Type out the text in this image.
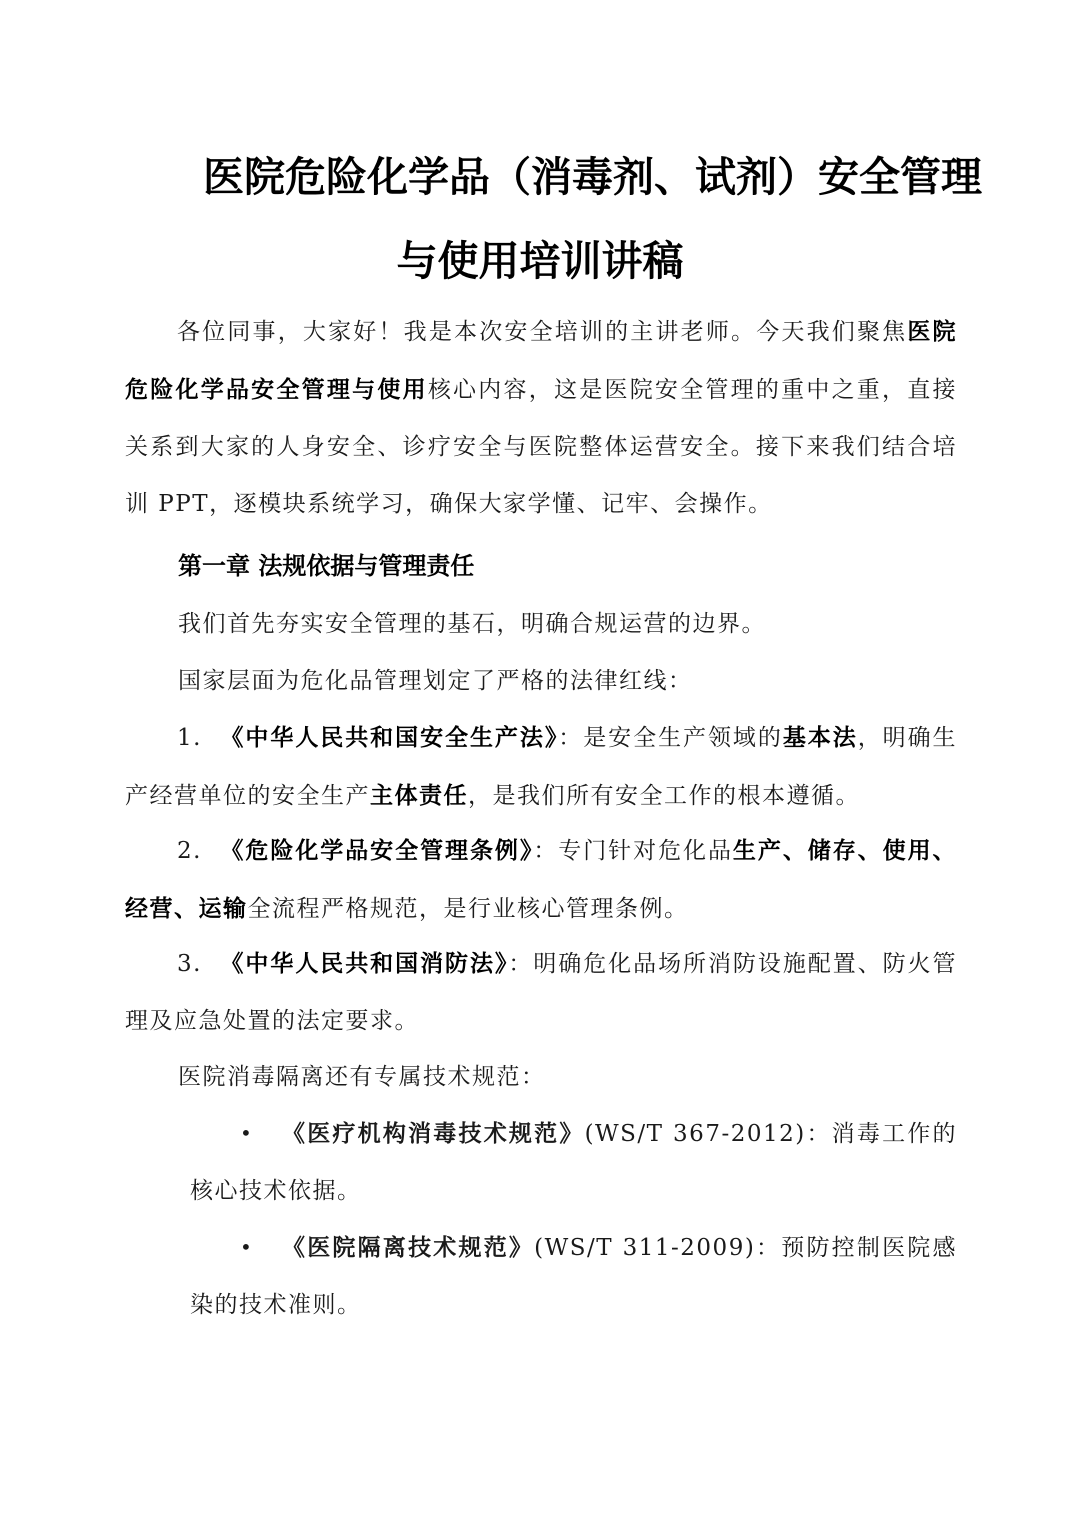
医院危险化学品（消毒剂、试剂）安全管理
与使用培训讲稿

各位同事，大家好！我是本次安全培训的主讲老师。今天我们聚焦医院危险化学品安全管理与使用核心内容，这是医院安全管理的重中之重，直接关系到大家的人身安全、诊疗安全与医院整体运营安全。接下来我们结合培训 PPT，逐模块系统学习，确保大家学懂、记牢、会操作。

第一章 法规依据与管理责任
我们首先夯实安全管理的基石，明确合规运营的边界。
国家层面为危化品管理划定了严格的法律红线：

1. 《中华人民共和国安全生产法》：是安全生产领域的基本法，明确生产经营单位的安全生产主体责任，是我们所有安全工作的根本遵循。

2. 《危险化学品安全管理条例》：专门针对危化品生产、储存、使用、经营、运输全流程严格规范，是行业核心管理条例。

3. 《中华人民共和国消防法》：明确危化品场所消防设施配置、防火管理及应急处置的法定要求。

医院消毒隔离还有专属技术规范：
•	《医疗机构消毒技术规范》(WS/T 367-2012)：消毒工作的核心技术依据。
•	《医院隔离技术规范》(WS/T 311-2009)：预防控制医院感染的技术准则。
